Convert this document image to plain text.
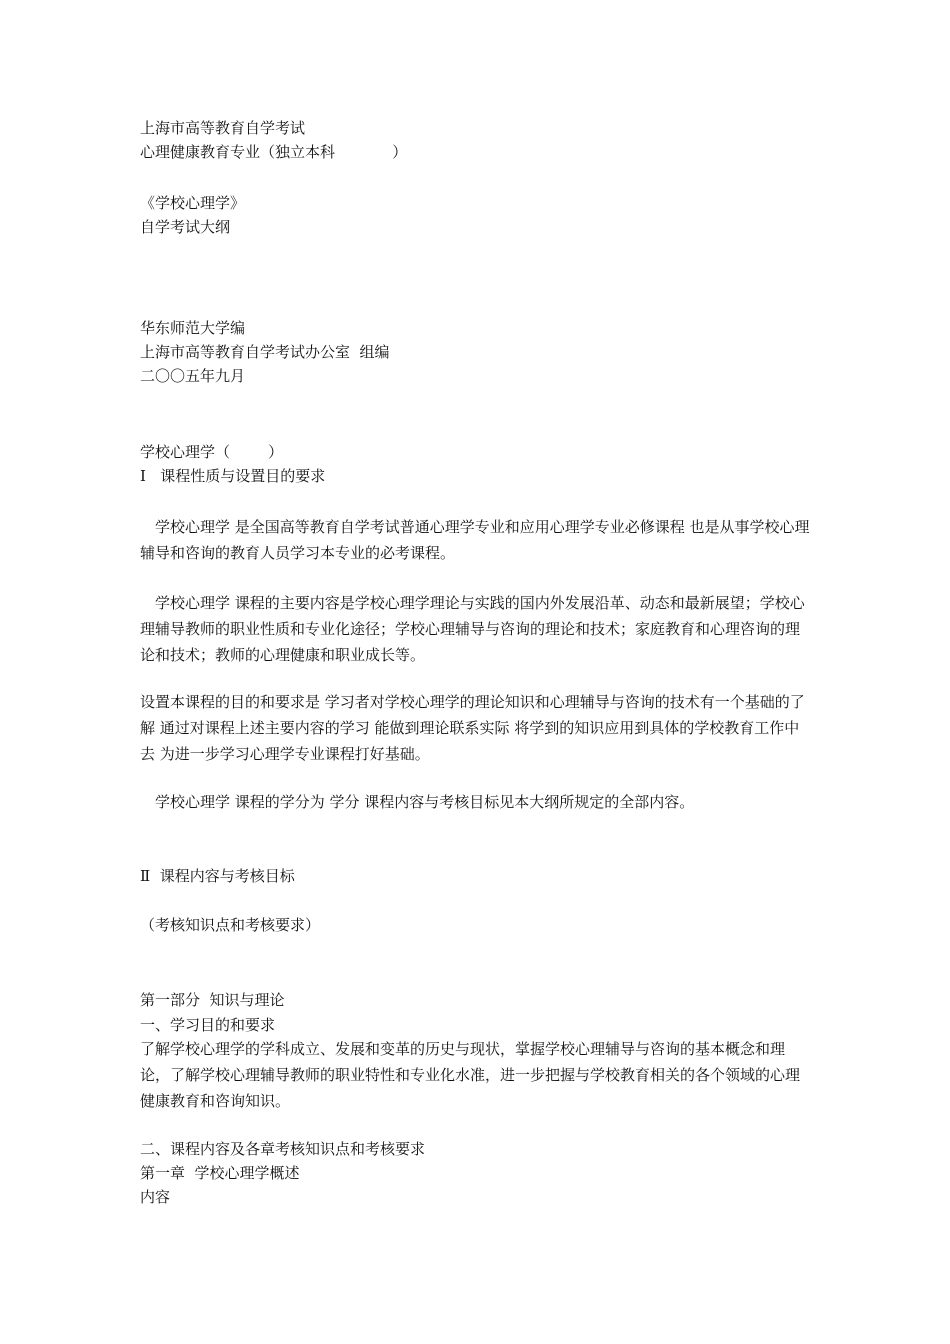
上海市高等教育自学考试
心理健康教育专业（独立本科            ）
《学校心理学》
自学考试大纲
华东师范大学编
上海市高等教育自学考试办公室  组编
二〇〇五年九月
学校心理学（        ）
Ⅰ   课程性质与设置目的要求
学校心理学 是全国高等教育自学考试普通心理学专业和应用心理学专业必修课程 也是从事学校心理辅导和咨询的教育人员学习本专业的必考课程。
学校心理学 课程的主要内容是学校心理学理论与实践的国内外发展沿革、动态和最新展望；学校心理辅导教师的职业性质和专业化途径；学校心理辅导与咨询的理论和技术；家庭教育和心理咨询的理论和技术；教师的心理健康和职业成长等。
设置本课程的目的和要求是 学习者对学校心理学的理论知识和心理辅导与咨询的技术有一个基础的了解 通过对课程上述主要内容的学习 能做到理论联系实际 将学到的知识应用到具体的学校教育工作中去 为进一步学习心理学专业课程打好基础。
学校心理学 课程的学分为 学分 课程内容与考核目标见本大纲所规定的全部内容。
Ⅱ  课程内容与考核目标
（考核知识点和考核要求）
第一部分  知识与理论
一、学习目的和要求
了解学校心理学的学科成立、发展和变革的历史与现状，掌握学校心理辅导与咨询的基本概念和理论，了解学校心理辅导教师的职业特性和专业化水准，进一步把握与学校教育相关的各个领域的心理健康教育和咨询知识。
二、课程内容及各章考核知识点和考核要求
第一章  学校心理学概述
内容
